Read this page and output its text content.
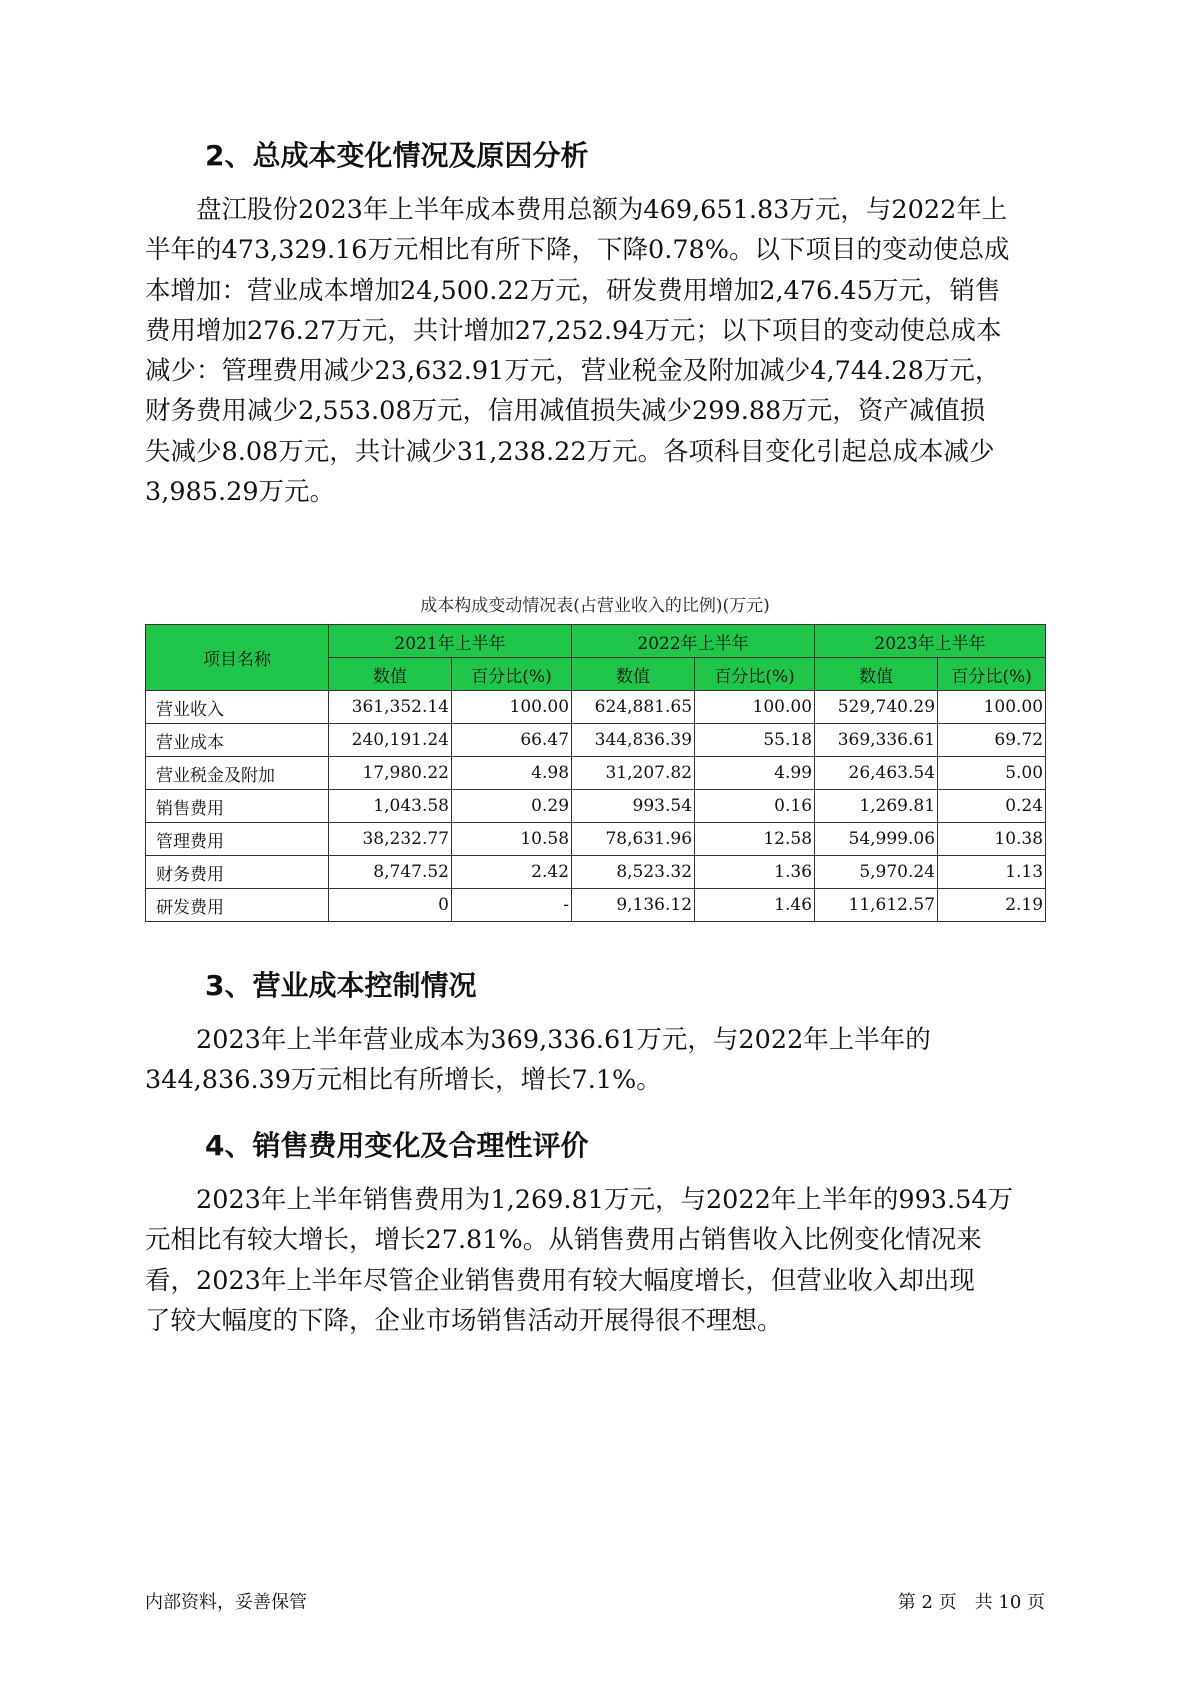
2、总成本变化情况及原因分析

盘江股份2023年上半年成本费用总额为469,651.83万元，与2022年上
半年的473,329.16万元相比有所下降，下降0.78%。以下项目的变动使总成
本增加：营业成本增加24,500.22万元，研发费用增加2,476.45万元，销售
费用增加276.27万元，共计增加27,252.94万元；以下项目的变动使总成本
减少：管理费用减少23,632.91万元，营业税金及附加减少4,744.28万元，
财务费用减少2,553.08万元，信用减值损失减少299.88万元，资产减值损
失减少8.08万元，共计减少31,238.22万元。各项科目变化引起总成本减少
3,985.29万元。

成本构成变动情况表(占营业收入的比例)(万元)

项目名称	2021年上半年		2022年上半年		2023年上半年	
	数值	百分比(%)	数值	百分比(%)	数值	百分比(%)
营业收入	361,352.14	100.00	624,881.65	100.00	529,740.29	100.00
营业成本	240,191.24	66.47	344,836.39	55.18	369,336.61	69.72
营业税金及附加	17,980.22	4.98	31,207.82	4.99	26,463.54	5.00
销售费用	1,043.58	0.29	993.54	0.16	1,269.81	0.24
管理费用	38,232.77	10.58	78,631.96	12.58	54,999.06	10.38
财务费用	8,747.52	2.42	8,523.32	1.36	5,970.24	1.13
研发费用	0	-	9,136.12	1.46	11,612.57	2.19
3、营业成本控制情况

2023年上半年营业成本为369,336.61万元，与2022年上半年的
344,836.39万元相比有所增长，增长7.1%。

4、销售费用变化及合理性评价

2023年上半年销售费用为1,269.81万元，与2022年上半年的993.54万
元相比有较大增长，增长27.81%。从销售费用占销售收入比例变化情况来
看，2023年上半年尽管企业销售费用有较大幅度增长，但营业收入却出现
了较大幅度的下降，企业市场销售活动开展得很不理想。

内部资料，妥善保管	第 2 页　共 10 页
